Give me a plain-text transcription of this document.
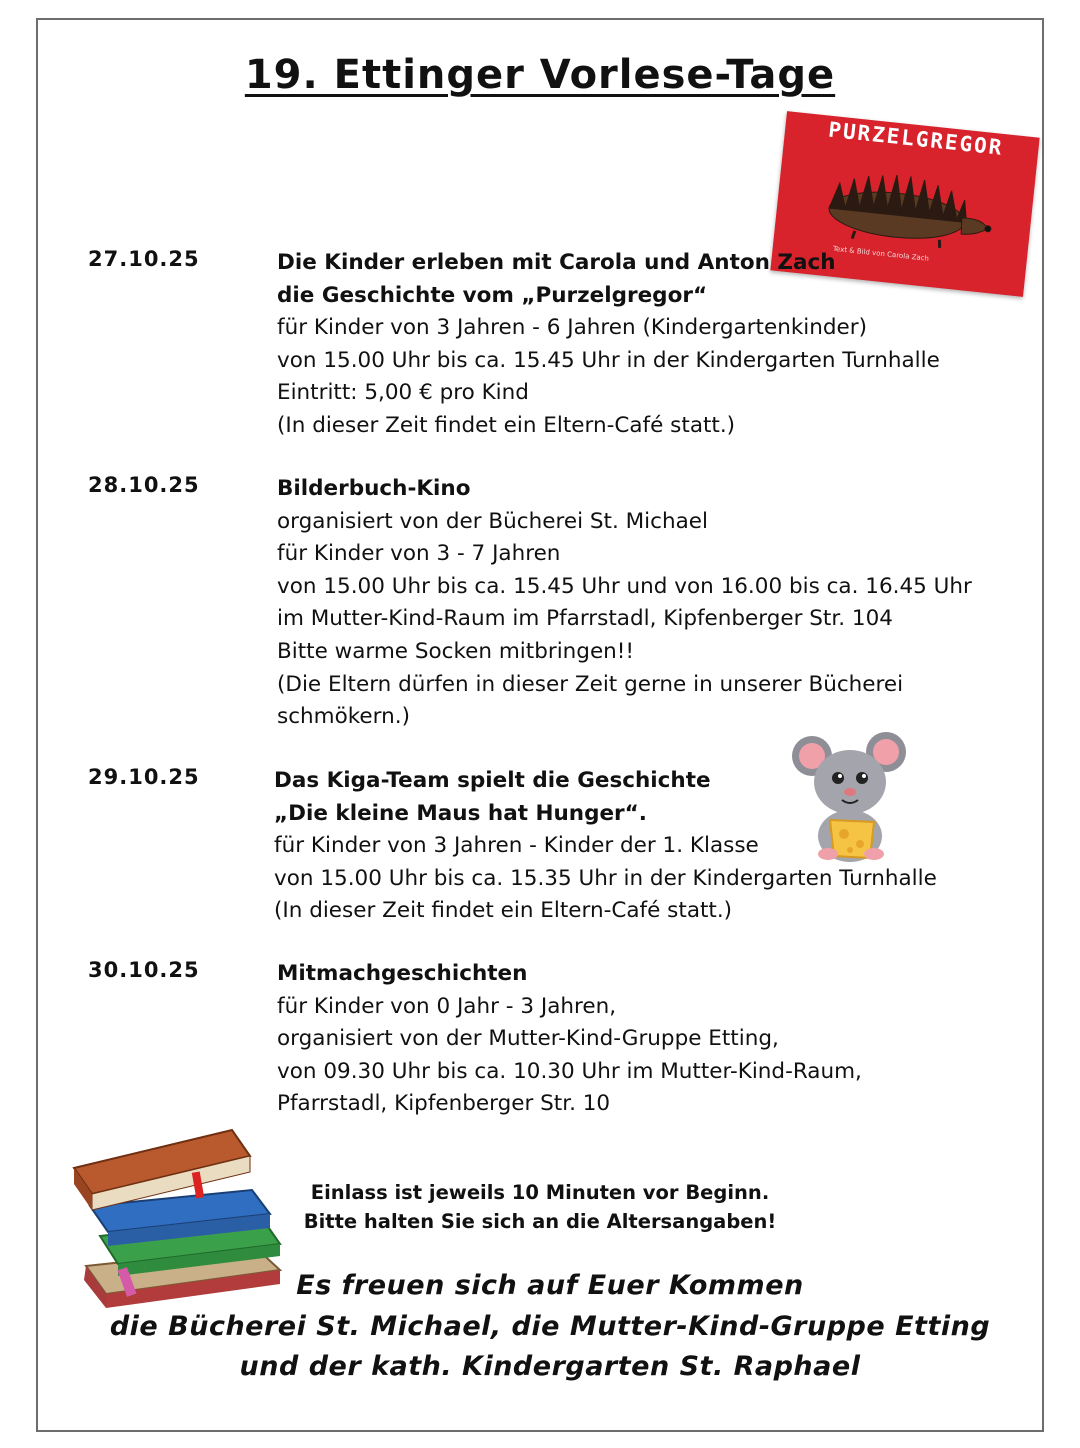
19. Ettinger Vorlese-Tage
PURZELGREGOR
Text & Bild von Carola Zach
27.10.25	Die Kinder erleben mit Carola und Anton Zach
die Geschichte vom „Purzelgregor“
für Kinder von 3 Jahren - 6 Jahren (Kindergartenkinder)
von 15.00 Uhr bis ca. 15.45 Uhr in der Kindergarten Turnhalle
Eintritt: 5,00 € pro Kind
(In dieser Zeit findet ein Eltern-Café statt.)
28.10.25	Bilderbuch-Kino
organisiert von der Bücherei St. Michael
für Kinder von 3 - 7 Jahren
von 15.00 Uhr bis ca. 15.45 Uhr und von 16.00 bis ca. 16.45 Uhr
im Mutter-Kind-Raum im Pfarrstadl, Kipfenberger Str. 104
Bitte warme Socken mitbringen!!
(Die Eltern dürfen in dieser Zeit gerne in unserer Bücherei
schmökern.)
29.10.25	Das Kiga-Team spielt die Geschichte
„Die kleine Maus hat Hunger“.
für Kinder von 3 Jahren - Kinder der 1. Klasse
von 15.00 Uhr bis ca. 15.35 Uhr in der Kindergarten Turnhalle
(In dieser Zeit findet ein Eltern-Café statt.)
30.10.25	Mitmachgeschichten
für Kinder von 0 Jahr - 3 Jahren,
organisiert von der Mutter-Kind-Gruppe Etting,
von 09.30 Uhr bis ca. 10.30 Uhr im Mutter-Kind-Raum,
Pfarrstadl, Kipfenberger Str. 10
Einlass ist jeweils 10 Minuten vor Beginn.
Bitte halten Sie sich an die Altersangaben!
Es freuen sich auf Euer Kommen
die Bücherei St. Michael, die Mutter-Kind-Gruppe Etting
und der kath. Kindergarten St. Raphael
